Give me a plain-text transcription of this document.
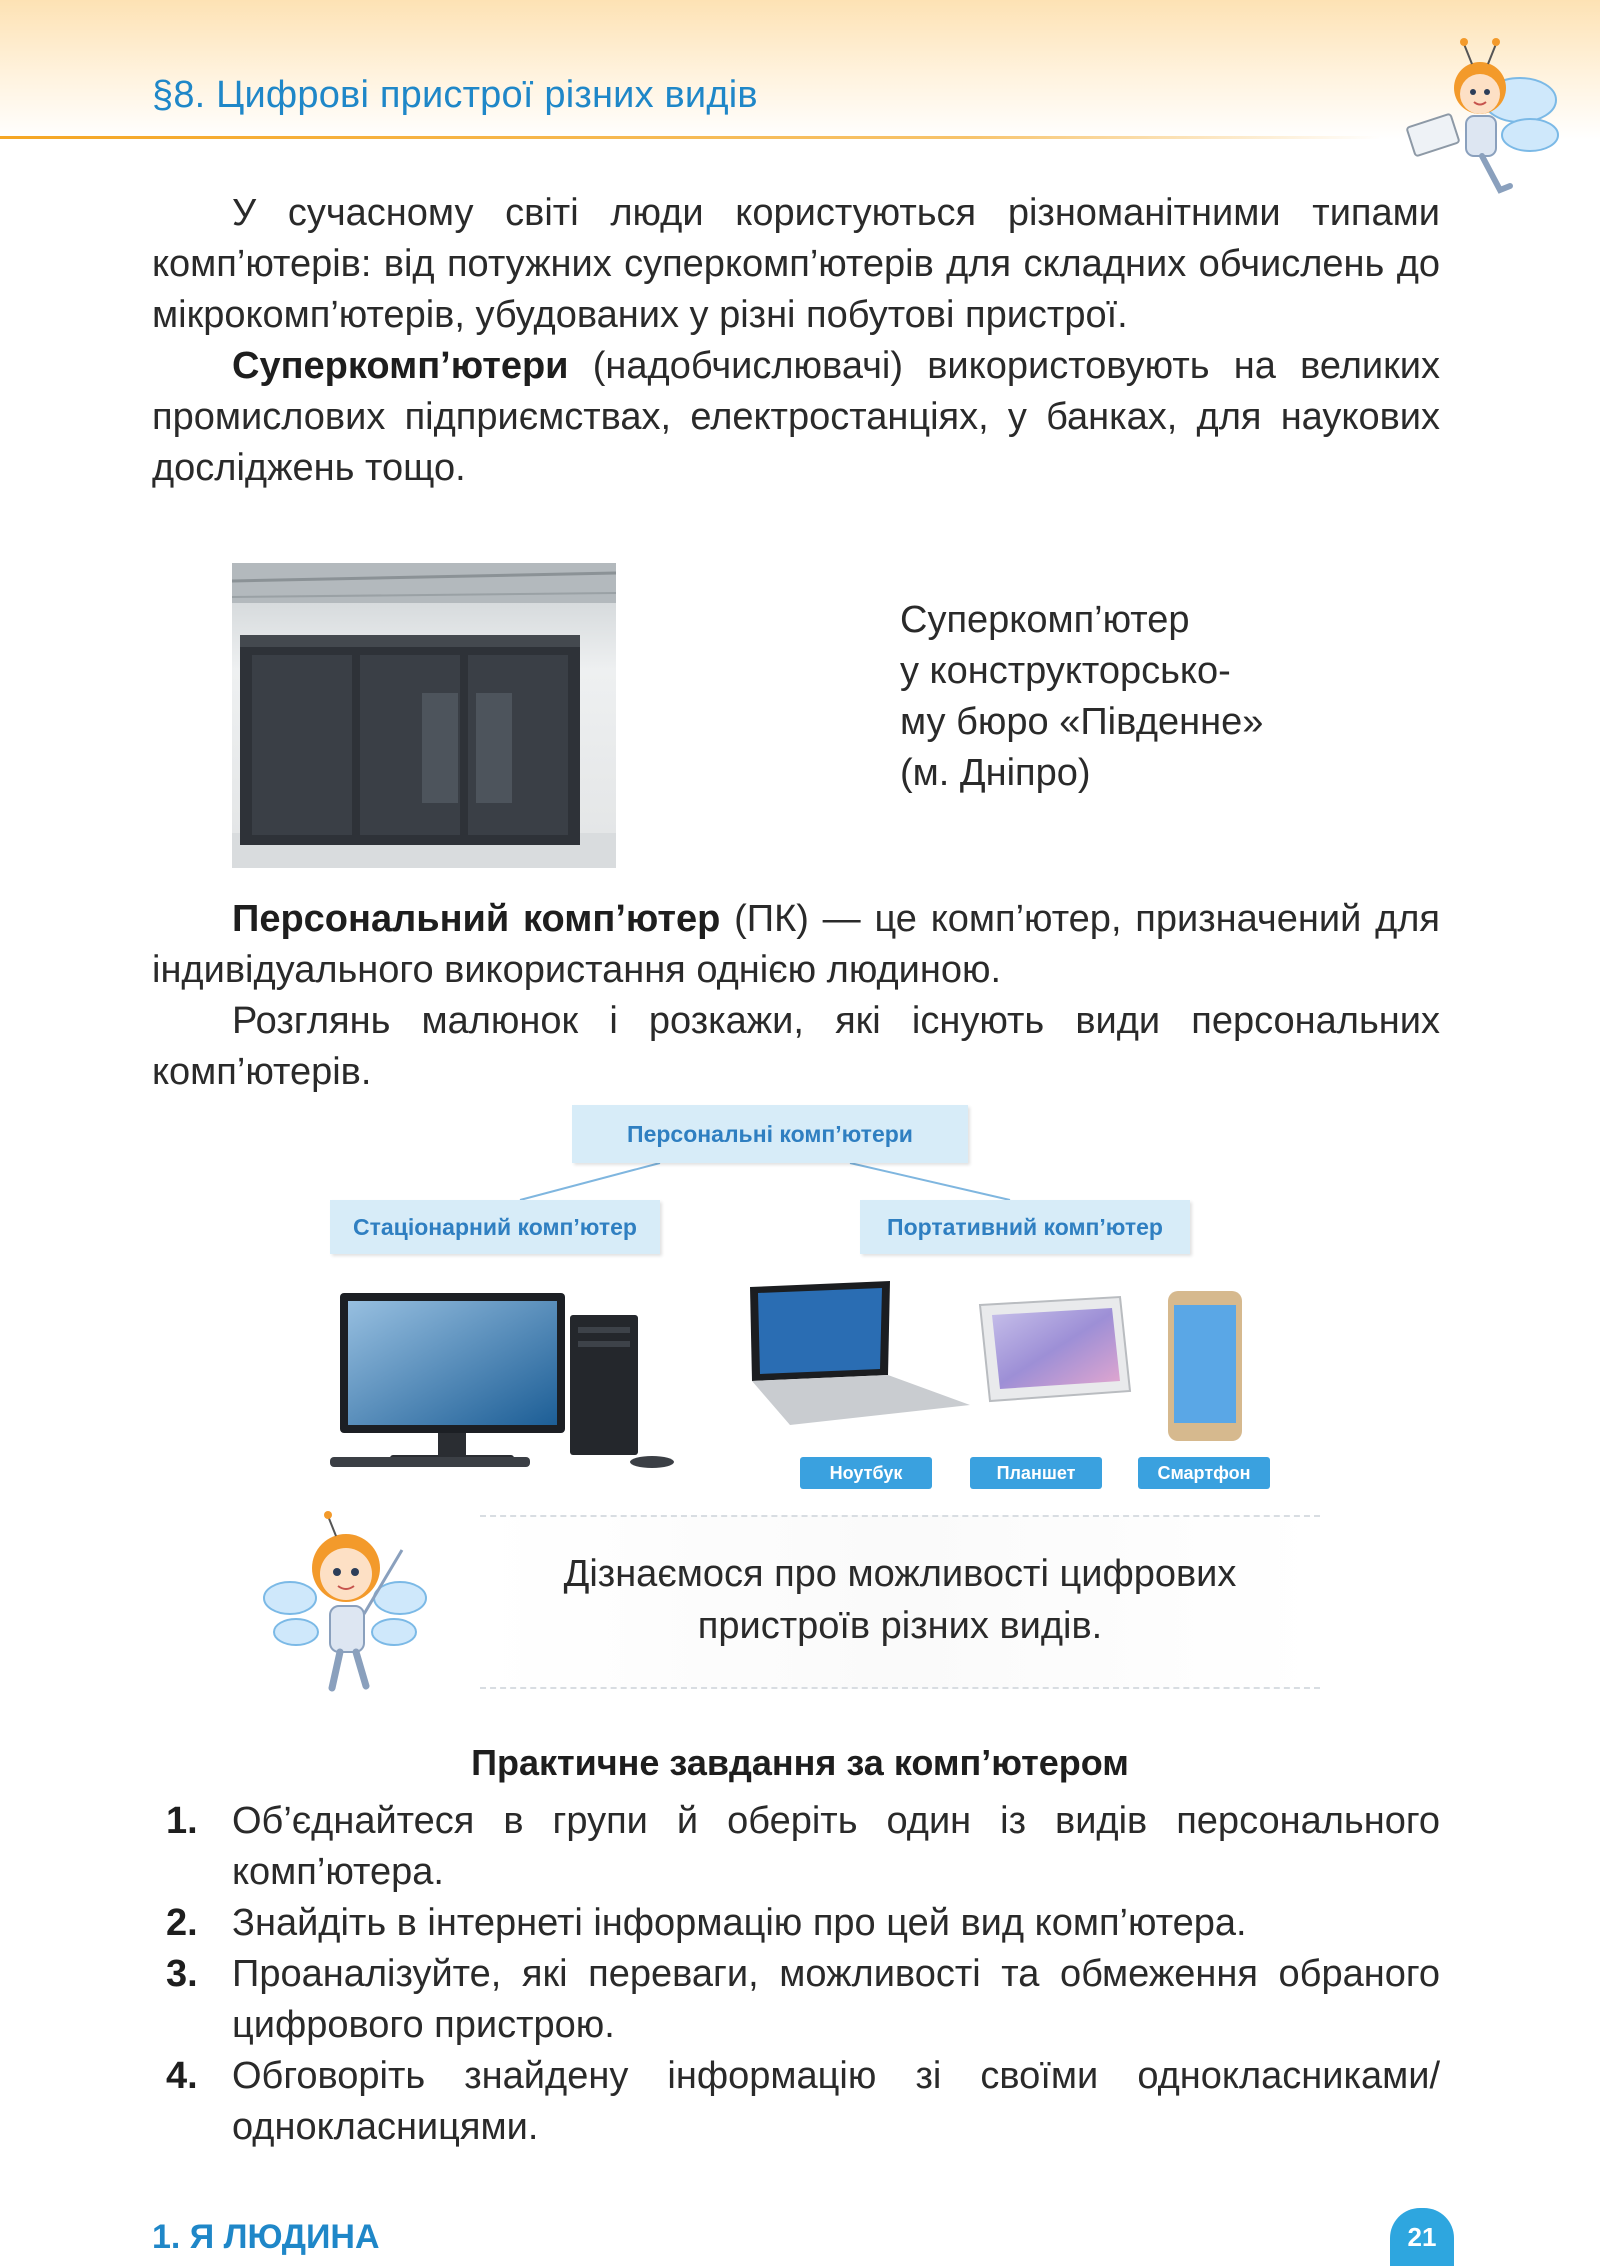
§8. Цифрові пристрої різних видів

У сучасному світі люди користуються різноманітними типами комп’ютерів: від потужних суперкомп’ютерів для складних обчислень до мікрокомп’ютерів, убудованих у різні побутові пристрої.

Суперкомп’ютери (надобчислювачі) використовують на великих промислових підприємствах, електростанціях, у банках, для наукових досліджень тощо.

Суперкомп’ютер
у конструкторсько-
му бюро «Південне»
(м. Дніпро)

Персональний комп’ютер (ПК) — це комп’ютер, призначений для індивідуального використання однією людиною.

Розглянь малюнок і розкажи, які існують види персональних комп’ютерів.

Персональні комп’ютери
Стаціонарний комп’ютер	Портативний комп’ютер
Ноутбук	Планшет	Смартфон
Дізнаємося про можливості цифрових пристроїв різних видів.
Практичне завдання за комп’ютером
1. Об’єднайтеся в групи й оберіть один із видів персонального комп’ютера.
2. Знайдіть в інтернеті інформацію про цей вид комп’ютера.
3. Проаналізуйте, які переваги, можливості та обмеження обраного цифрового пристрою.
4. Обговоріть знайдену інформацію зі своїми однокласниками/однокласницями.
1. Я ЛЮДИНА	21
